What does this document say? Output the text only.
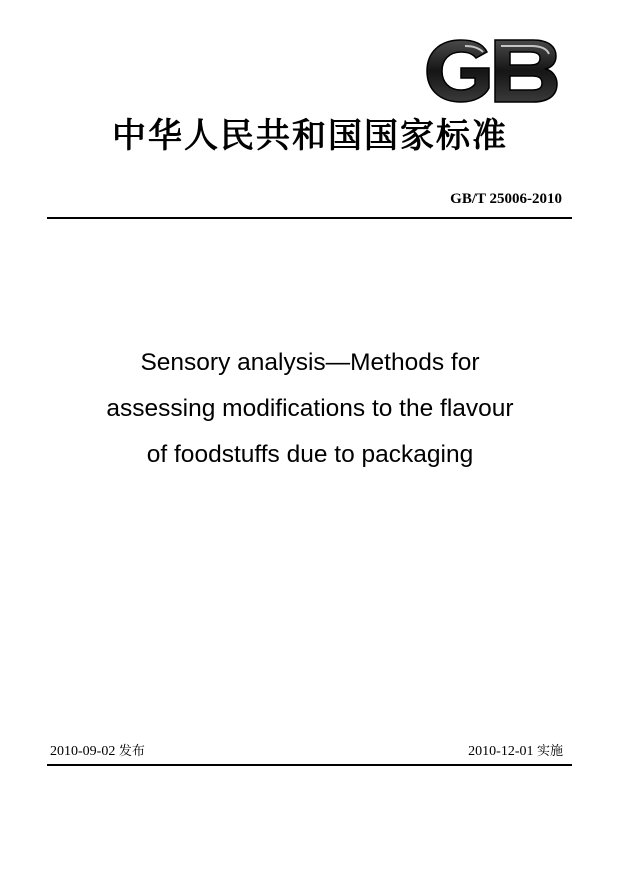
中华人民共和国国家标准
GB/T 25006-2010
Sensory analysis—Methods for
assessing modifications to the flavour
of foodstuffs due to packaging
2010-09-02 发布	2010-12-01 实施
